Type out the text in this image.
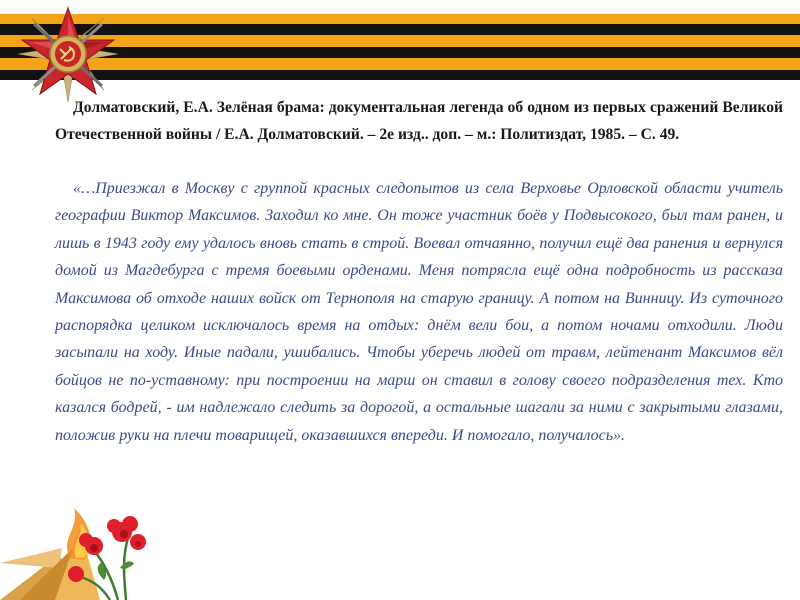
Долматовский, Е.А. Зелёная брама: документальная легенда об одном из первых сражений Великой Отечественной войны / Е.А. Долматовский. – 2е изд.. доп. – м.: Политиздат, 1985. – С. 49.

«…Приезжал в Москву с группой красных следопытов из села Верховье Орловской области учитель географии Виктор Максимов. Заходил ко мне. Он тоже участник боёв у Подвысокого, был там ранен, и лишь в 1943 году ему удалось вновь стать в строй. Воевал отчаянно, получил ещё два ранения и вернулся домой из Магдебурга с тремя боевыми орденами. Меня потрясла ещё одна подробность из рассказа Максимова об отходе наших войск от Тернополя на старую границу. А потом на Винницу. Из суточного распорядка целиком исключалось время на отдых: днём вели бои, а потом ночами отходили. Люди засыпали на ходу. Иные падали, ушибались. Чтобы уберечь людей от травм, лейтенант Максимов вёл бойцов не по-уставному: при построении на марш он ставил в голову своего подразделения тех. Кто казался бодрей, - им надлежало следить за дорогой, а остальные шагали за ними с закрытыми глазами, положив руки на плечи товарищей, оказавшихся впереди. И помогало, получалось».
